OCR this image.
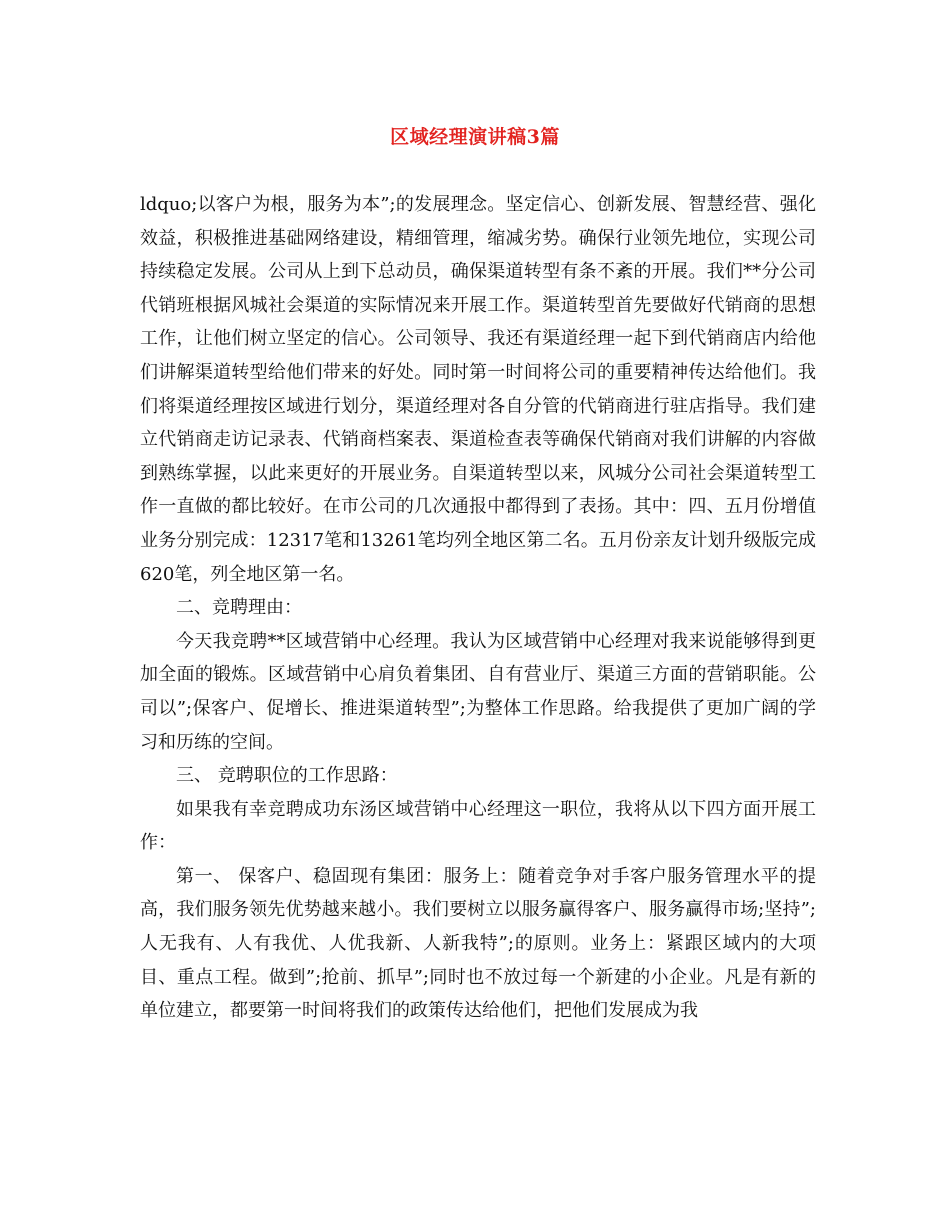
区域经理演讲稿3篇

ldquo;以客户为根，服务为本”;的发展理念。坚定信心、创新发展、智慧经营、强化效益，积极推进基础网络建设，精细管理，缩减劣势。确保行业领先地位，实现公司持续稳定发展。公司从上到下总动员，确保渠道转型有条不紊的开展。我们**分公司代销班根据风城社会渠道的实际情况来开展工作。渠道转型首先要做好代销商的思想工作，让他们树立坚定的信心。公司领导、我还有渠道经理一起下到代销商店内给他们讲解渠道转型给他们带来的好处。同时第一时间将公司的重要精神传达给他们。我们将渠道经理按区域进行划分，渠道经理对各自分管的代销商进行驻店指导。我们建立代销商走访记录表、代销商档案表、渠道检查表等确保代销商对我们讲解的内容做到熟练掌握，以此来更好的开展业务。自渠道转型以来，风城分公司社会渠道转型工作一直做的都比较好。在市公司的几次通报中都得到了表扬。其中：四、五月份增值业务分别完成：12317笔和13261笔均列全地区第二名。五月份亲友计划升级版完成620笔，列全地区第一名。

二、竞聘理由：

今天我竞聘**区域营销中心经理。我认为区域营销中心经理对我来说能够得到更加全面的锻炼。区域营销中心肩负着集团、自有营业厅、渠道三方面的营销职能。公司以”;保客户、促增长、推进渠道转型”;为整体工作思路。给我提供了更加广阔的学习和历练的空间。

三、 竞聘职位的工作思路：

如果我有幸竞聘成功东汤区域营销中心经理这一职位，我将从以下四方面开展工作：

第一、 保客户、稳固现有集团：服务上：随着竞争对手客户服务管理水平的提高，我们服务领先优势越来越小。我们要树立以服务赢得客户、服务赢得市场;坚持”;人无我有、人有我优、人优我新、人新我特”;的原则。业务上：紧跟区域内的大项目、重点工程。做到”;抢前、抓早”;同时也不放过每一个新建的小企业。凡是有新的单位建立，都要第一时间将我们的政策传达给他们，把他们发展成为我
